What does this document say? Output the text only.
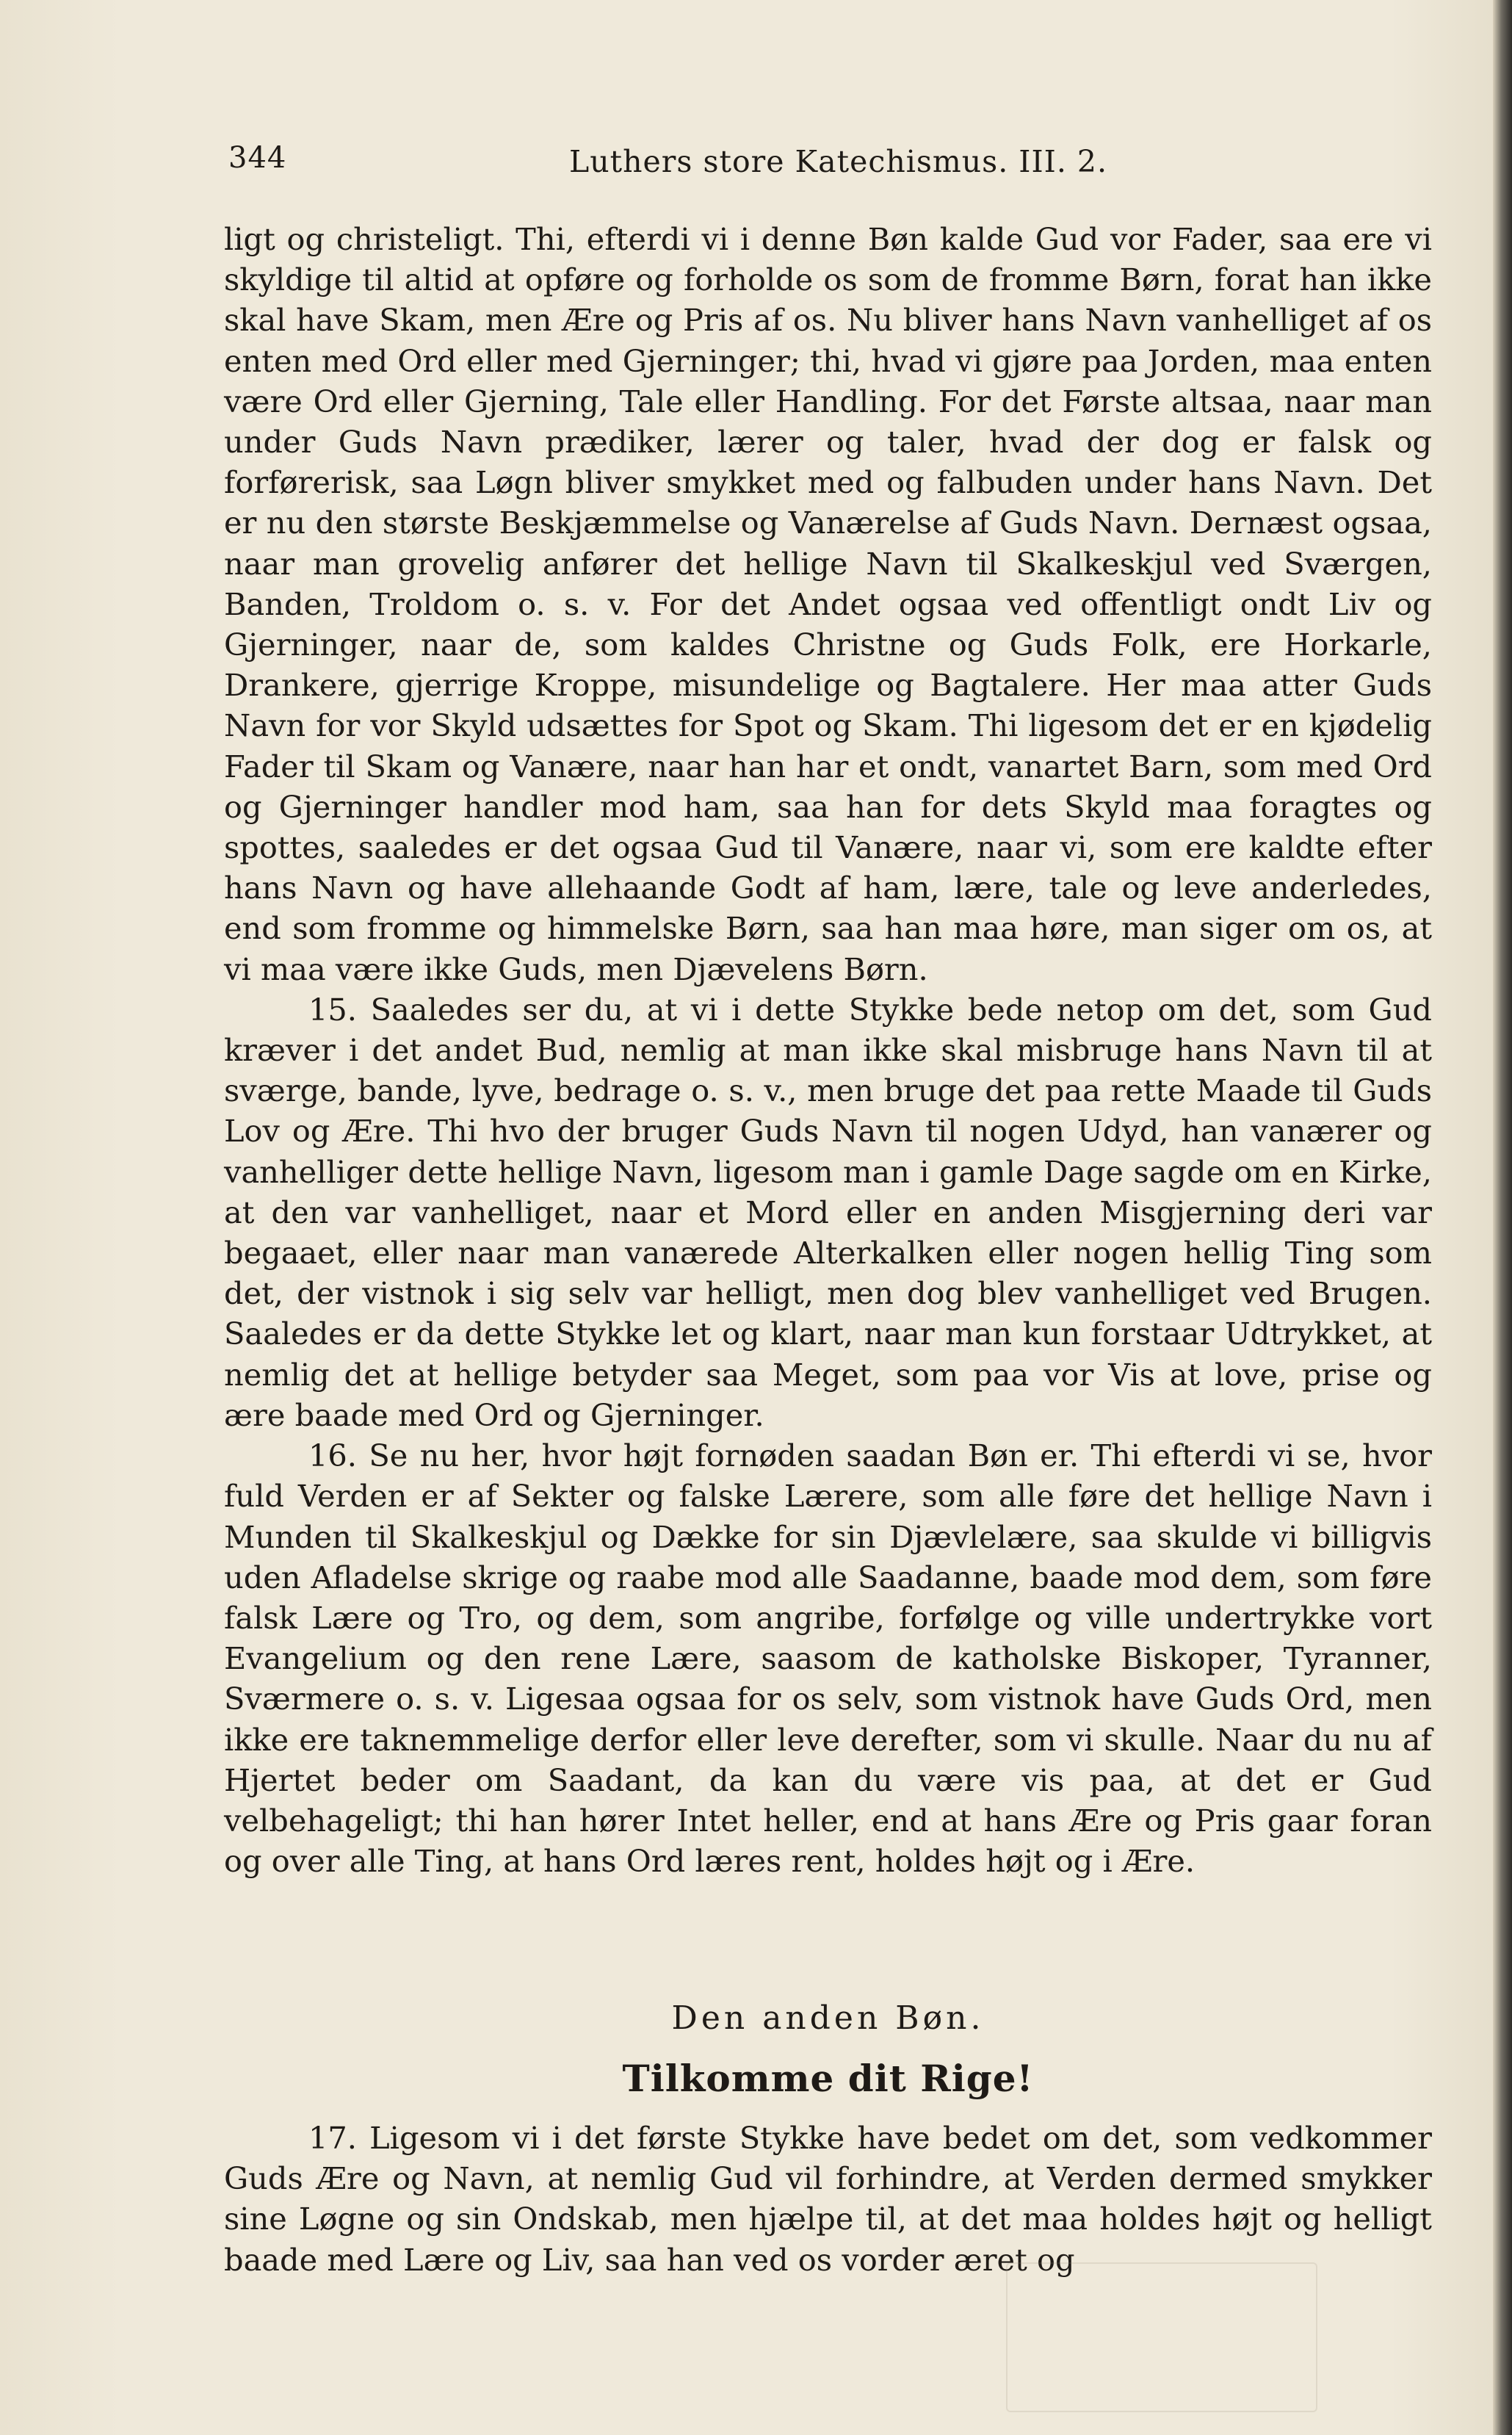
344	Luthers store Katechismus. III. 2.

ligt og christeligt. Thi, efterdi vi i denne Bøn kalde Gud vor Fader, saa ere vi skyldige til altid at opføre og forholde os som de fromme Børn, forat han ikke skal have Skam, men Ære og Pris af os. Nu bliver hans Navn vanhelliget af os enten med Ord eller med Gjerninger; thi, hvad vi gjøre paa Jorden, maa enten være Ord eller Gjerning, Tale eller Handling. For det Første altsaa, naar man under Guds Navn prædiker, lærer og taler, hvad der dog er falsk og forførerisk, saa Løgn bliver smykket med og falbuden under hans Navn. Det er nu den største Beskjæmmelse og Vanærelse af Guds Navn. Dernæst ogsaa, naar man grovelig anfører det hellige Navn til Skalkeskjul ved Sværgen, Banden, Troldom o. s. v. For det Andet ogsaa ved offentligt ondt Liv og Gjerninger, naar de, som kaldes Christne og Guds Folk, ere Horkarle, Drankere, gjerrige Kroppe, misundelige og Bagtalere. Her maa atter Guds Navn for vor Skyld udsættes for Spot og Skam. Thi ligesom det er en kjødelig Fader til Skam og Vanære, naar han har et ondt, vanartet Barn, som med Ord og Gjerninger handler mod ham, saa han for dets Skyld maa foragtes og spottes, saaledes er det ogsaa Gud til Vanære, naar vi, som ere kaldte efter hans Navn og have allehaande Godt af ham, lære, tale og leve anderledes, end som fromme og himmelske Børn, saa han maa høre, man siger om os, at vi maa være ikke Guds, men Djævelens Børn.

15. Saaledes ser du, at vi i dette Stykke bede netop om det, som Gud kræver i det andet Bud, nemlig at man ikke skal misbruge hans Navn til at sværge, bande, lyve, bedrage o. s. v., men bruge det paa rette Maade til Guds Lov og Ære. Thi hvo der bruger Guds Navn til nogen Udyd, han vanærer og vanhelliger dette hellige Navn, ligesom man i gamle Dage sagde om en Kirke, at den var vanhelliget, naar et Mord eller en anden Misgjerning deri var begaaet, eller naar man vanærede Alterkalken eller nogen hellig Ting som det, der vistnok i sig selv var helligt, men dog blev vanhelliget ved Brugen. Saaledes er da dette Stykke let og klart, naar man kun forstaar Udtrykket, at nemlig det at hellige betyder saa Meget, som paa vor Vis at love, prise og ære baade med Ord og Gjerninger.

16. Se nu her, hvor højt fornøden saadan Bøn er. Thi efterdi vi se, hvor fuld Verden er af Sekter og falske Lærere, som alle føre det hellige Navn i Munden til Skalkeskjul og Dække for sin Djævlelære, saa skulde vi billigvis uden Afladelse skrige og raabe mod alle Saadanne, baade mod dem, som føre falsk Lære og Tro, og dem, som angribe, forfølge og ville undertrykke vort Evangelium og den rene Lære, saasom de katholske Biskoper, Tyranner, Sværmere o. s. v. Ligesaa ogsaa for os selv, som vistnok have Guds Ord, men ikke ere taknemmelige derfor eller leve derefter, som vi skulle. Naar du nu af Hjertet beder om Saadant, da kan du være vis paa, at det er Gud velbehageligt; thi han hører Intet heller, end at hans Ære og Pris gaar foran og over alle Ting, at hans Ord læres rent, holdes højt og i Ære.

Den anden Bøn.
Tilkomme dit Rige!

17. Ligesom vi i det første Stykke have bedet om det, som vedkommer Guds Ære og Navn, at nemlig Gud vil forhindre, at Verden dermed smykker sine Løgne og sin Ondskab, men hjælpe til, at det maa holdes højt og helligt baade med Lære og Liv, saa han ved os vorder æret og
